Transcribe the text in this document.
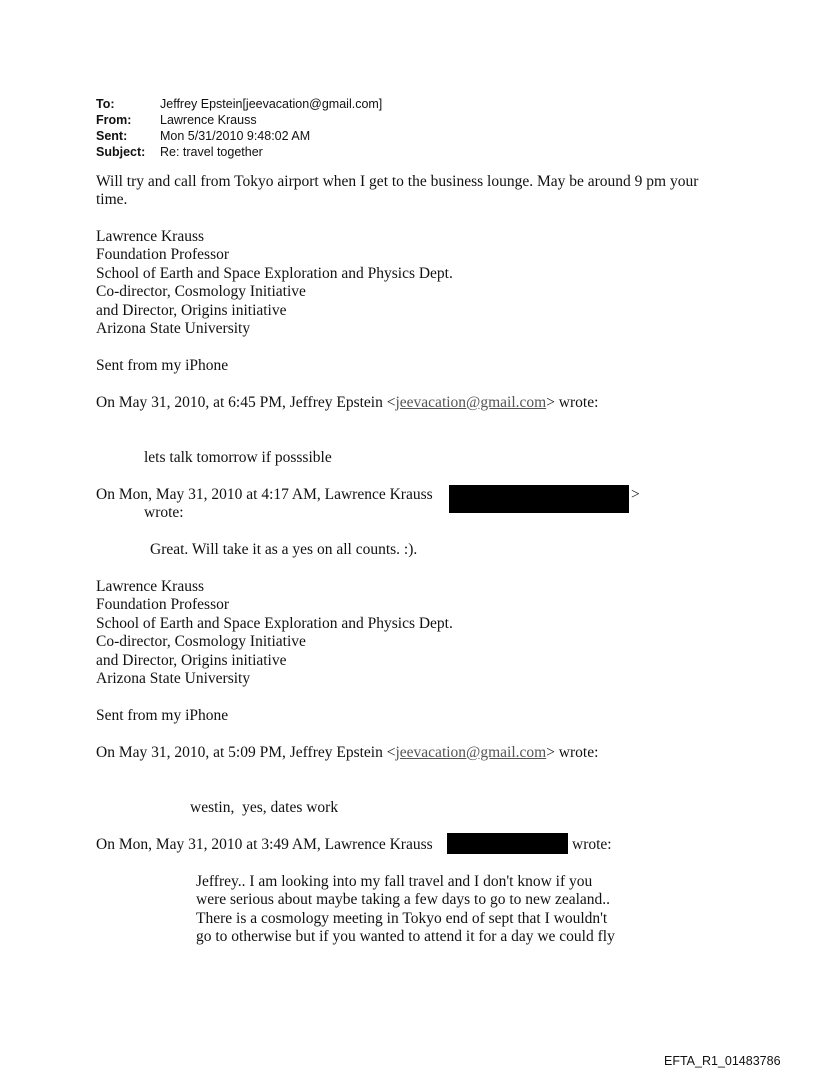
To:	Jeffrey Epstein[jeevacation@gmail.com]
From:	Lawrence Krauss
Sent:	Mon 5/31/2010 9:48:02 AM
Subject:	Re: travel together
Will try and call from Tokyo airport when I get to the business lounge. May be around 9 pm your
time.
Lawrence Krauss
Foundation Professor
School of Earth and Space Exploration and Physics Dept.
Co-director, Cosmology Initiative
and Director, Origins initiative
Arizona State University
Sent from my iPhone
On May 31, 2010, at 6:45 PM, Jeffrey Epstein <jeevacation@gmail.com> wrote:
lets talk tomorrow if posssible
On Mon, May 31, 2010 at 4:17 AM, Lawrence Krauss	>
wrote:
Great. Will take it as a yes on all counts. :).
Lawrence Krauss
Foundation Professor
School of Earth and Space Exploration and Physics Dept.
Co-director, Cosmology Initiative
and Director, Origins initiative
Arizona State University
Sent from my iPhone
On May 31, 2010, at 5:09 PM, Jeffrey Epstein <jeevacation@gmail.com> wrote:
westin,  yes, dates work
On Mon, May 31, 2010 at 3:49 AM, Lawrence Krauss	wrote:
Jeffrey.. I am looking into my fall travel and I don't know if you
were serious about maybe taking a few days to go to new zealand..
There is a cosmology meeting in Tokyo end of sept that I wouldn't
go to otherwise but if you wanted to attend it for a day we could fly
EFTA_R1_01483786
